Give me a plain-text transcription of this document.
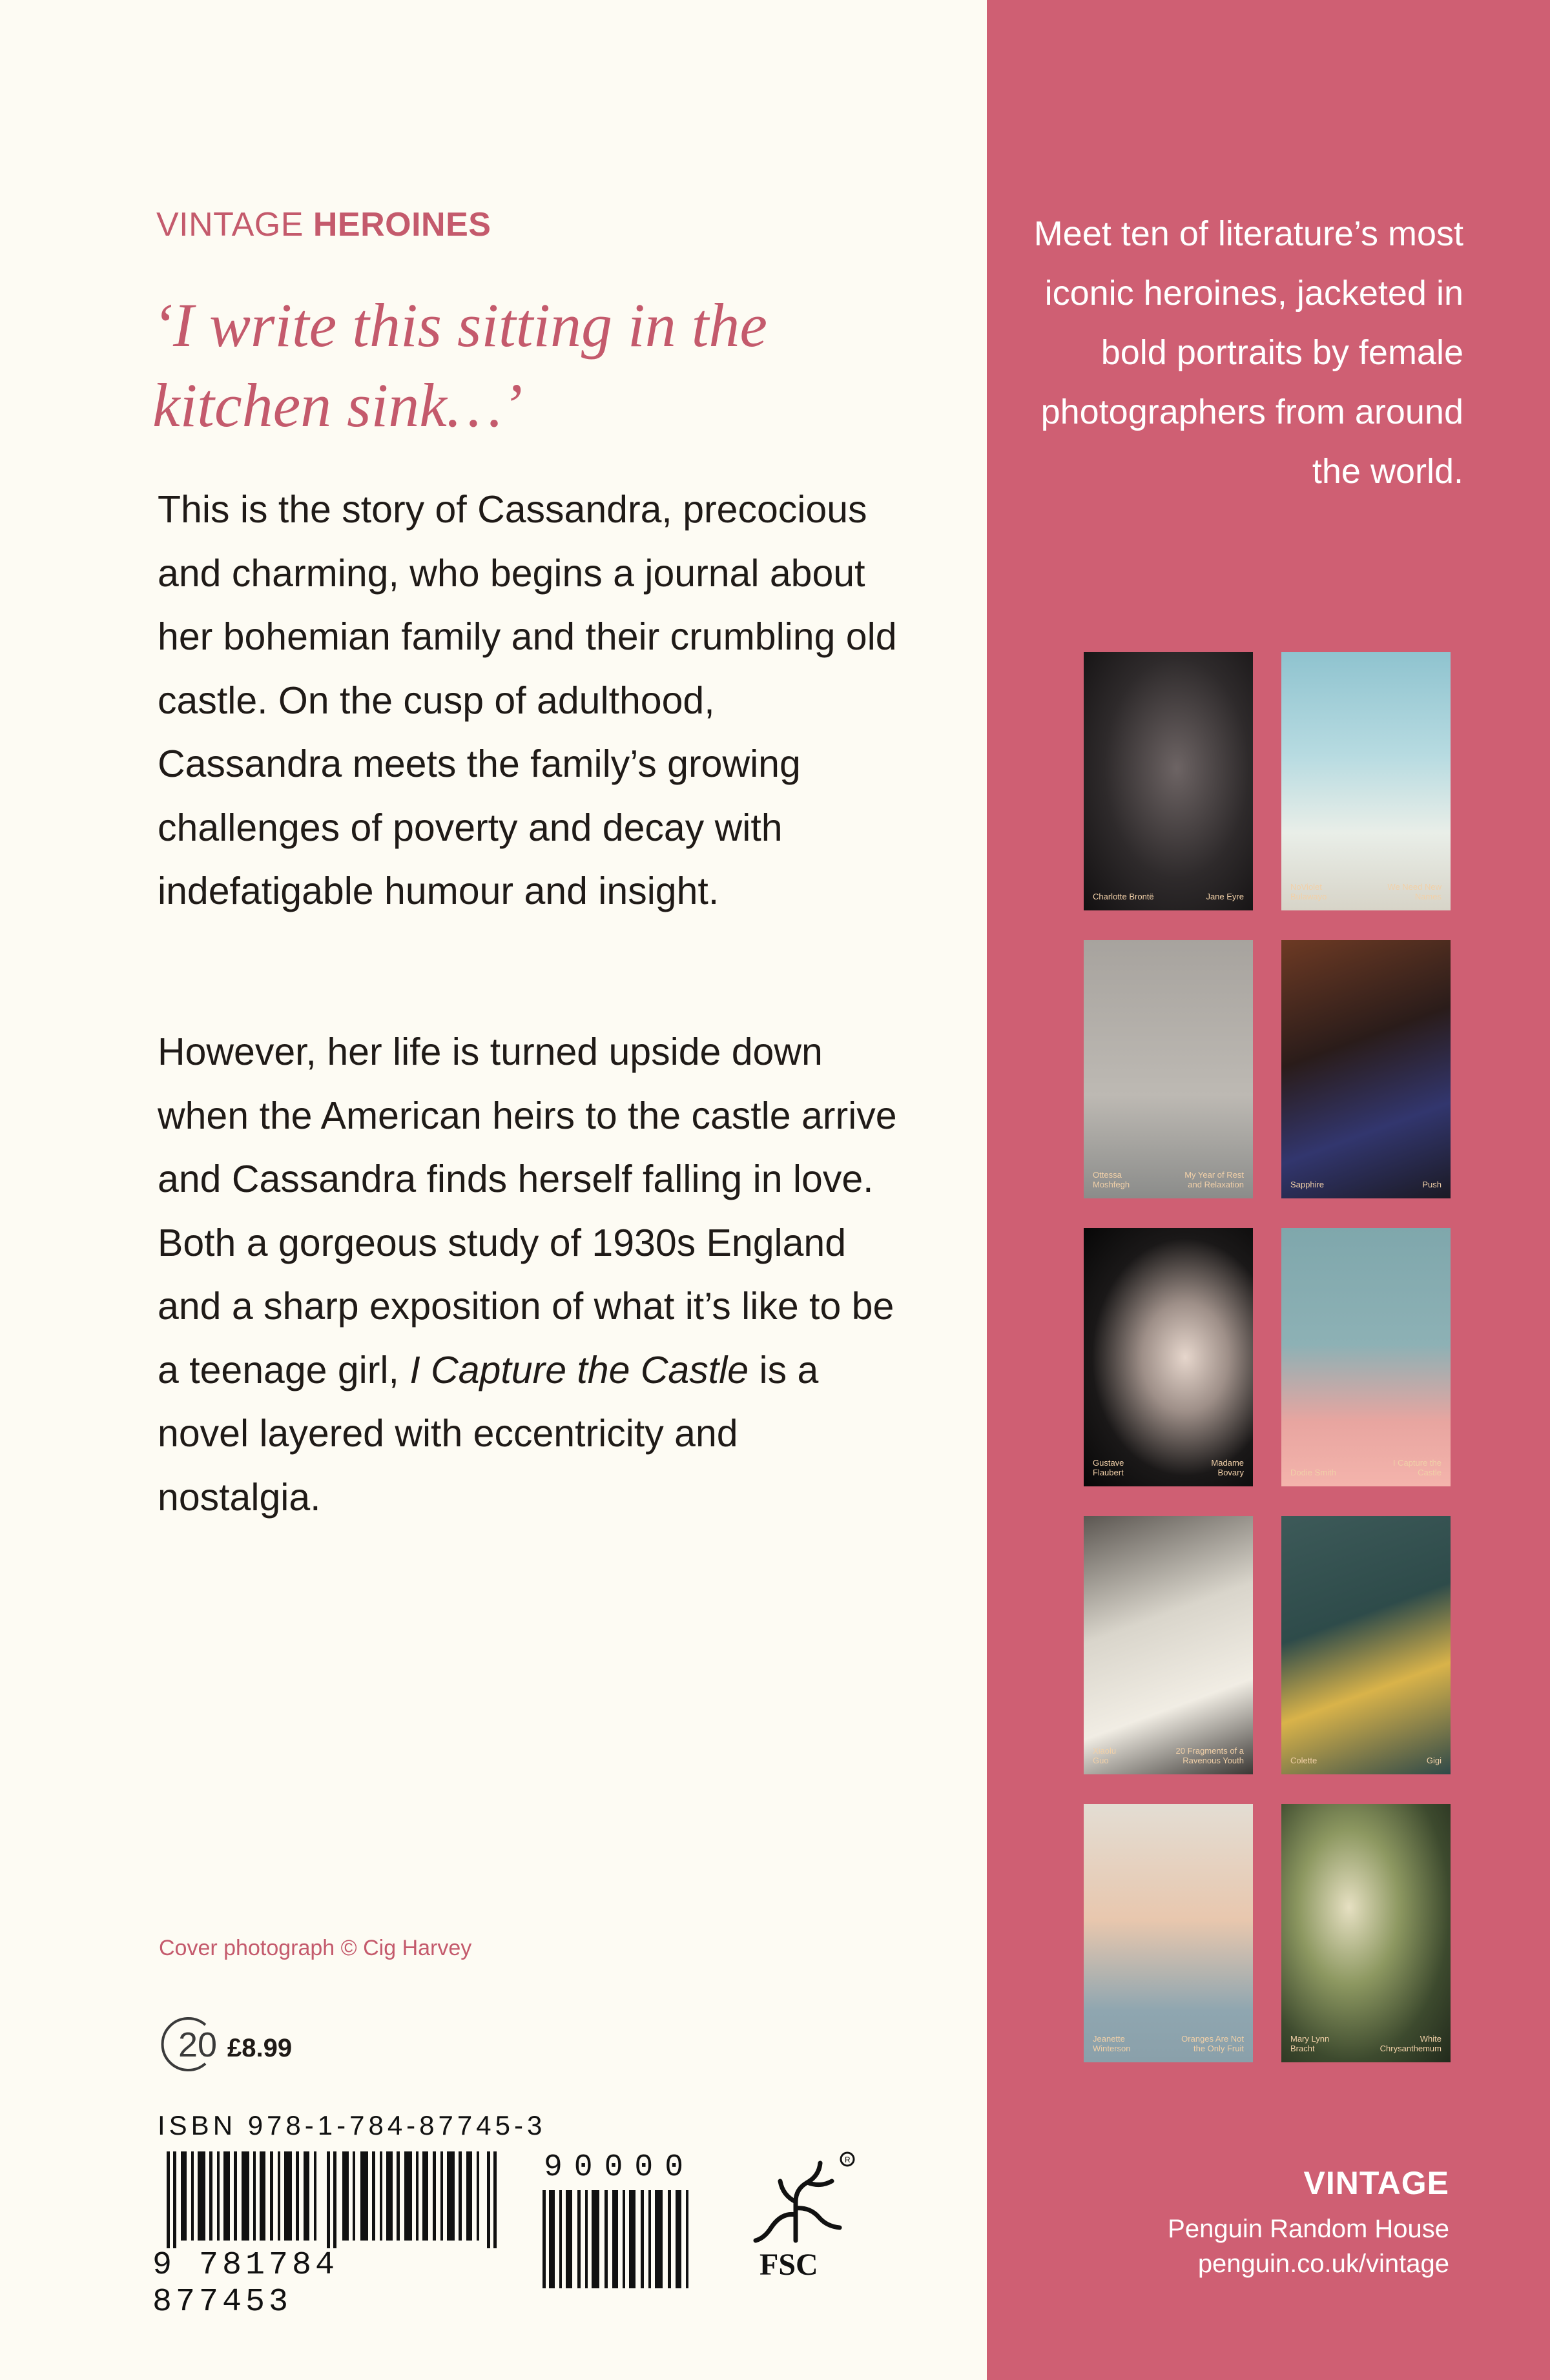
VINTAGE HEROINES
‘I write this sitting in the kitchen sink…’
This is the story of Cassandra, precocious and charming, who begins a journal about her bohemian family and their crumbling old castle. On the cusp of adulthood, Cassandra meets the family’s growing challenges of poverty and decay with indefatigable humour and insight.
However, her life is turned upside down when the American heirs to the castle arrive and Cassandra finds herself falling in love. Both a gorgeous study of 1930s England and a sharp exposition of what it’s like to be a teenage girl, I Capture the Castle is a novel layered with eccentricity and nostalgia.
Cover photograph © Cig Harvey
20 £8.99
ISBN 978-1-784-87745-3
9 781784 877453
90000	R
FSC
Meet ten of literature’s most iconic heroines, jacketed in bold portraits by female photographers from around the world.
Charlotte Brontë	Jane Eyre
NoViolet Bulawayo
We Need New Names
Ottessa Moshfegh
My Year of Rest and Relaxation	Sapphire	Push
Gustave Flaubert
Madame Bovary	Dodie Smith
I Capture the Castle
Xiaolu Guo
20 Fragments of a Ravenous Youth	Colette	Gigi
Jeanette Winterson
Oranges Are Not the Only Fruit
Mary Lynn Bracht
White Chrysanthemum
VINTAGE
Penguin Random House
penguin.co.uk/vintage
